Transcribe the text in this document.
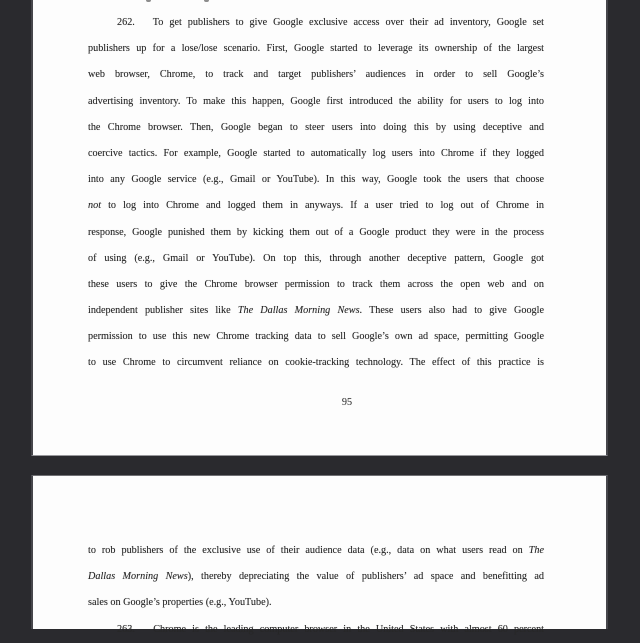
262.   To get publishers to give Google exclusive access over their ad inventory, Google set
publishers up for a lose/lose scenario. First, Google started to leverage its ownership of the largest
web browser, Chrome, to track and target publishers’ audiences in order to sell Google’s
advertising inventory. To make this happen, Google first introduced the ability for users to log into
the Chrome browser. Then, Google began to steer users into doing this by using deceptive and
coercive tactics. For example, Google started to automatically log users into Chrome if they logged
into any Google service (e.g., Gmail or YouTube). In this way, Google took the users that choose
not to log into Chrome and logged them in anyways. If a user tried to log out of Chrome in
response, Google punished them by kicking them out of a Google product they were in the process
of using (e.g., Gmail or YouTube). On top this, through another deceptive pattern, Google got
these users to give the Chrome browser permission to track them across the open web and on
independent publisher sites like The Dallas Morning News. These users also had to give Google
permission to use this new Chrome tracking data to sell Google’s own ad space, permitting Google
to use Chrome to circumvent reliance on cookie-tracking technology. The effect of this practice is
95
to rob publishers of the exclusive use of their audience data (e.g., data on what users read on The
Dallas Morning News), thereby depreciating the value of publishers’ ad space and benefitting ad
sales on Google’s properties (e.g., YouTube).
263.   Chrome is the leading computer browser in the United States with almost 60 percent
